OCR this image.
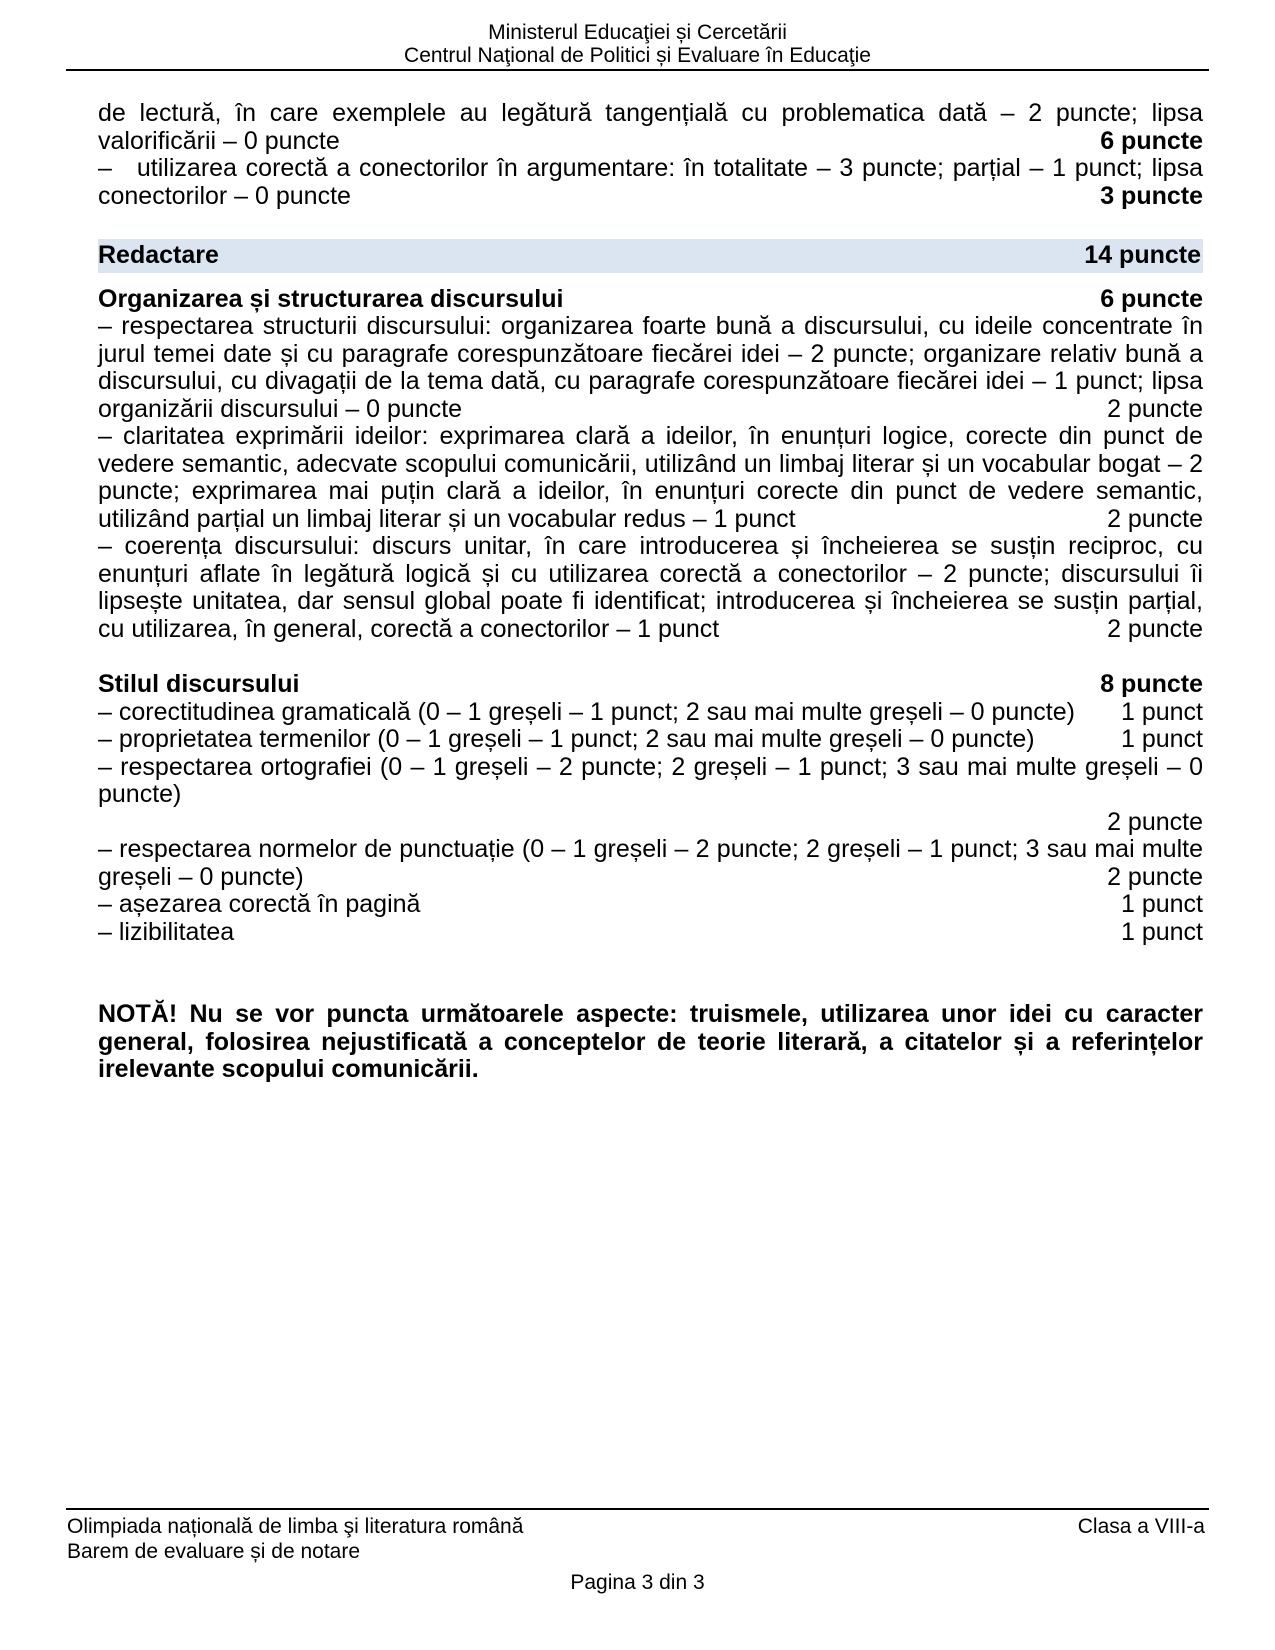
Ministerul Educaţiei și Cercetării
Centrul Naţional de Politici și Evaluare în Educaţie
de lectură, în care exemplele au legătură tangențială cu problematica dată – 2 puncte; lipsa valorificării – 0 puncte	6 puncte
– utilizarea corectă a conectorilor în argumentare: în totalitate – 3 puncte; parțial – 1 punct; lipsa conectorilor – 0 puncte	3 puncte
Redactare	14 puncte
Organizarea și structurarea discursului	6 puncte
– respectarea structurii discursului: organizarea foarte bună a discursului, cu ideile concentrate în jurul temei date și cu paragrafe corespunzătoare fiecărei idei – 2 puncte; organizare relativ bună a discursului, cu divagații de la tema dată, cu paragrafe corespunzătoare fiecărei idei – 1 punct; lipsa organizării discursului – 0 puncte	2 puncte
– claritatea exprimării ideilor: exprimarea clară a ideilor, în enunțuri logice, corecte din punct de vedere semantic, adecvate scopului comunicării, utilizând un limbaj literar și un vocabular bogat – 2 puncte; exprimarea mai puțin clară a ideilor, în enunțuri corecte din punct de vedere semantic, utilizând parțial un limbaj literar și un vocabular redus – 1 punct	2 puncte
– coerența discursului: discurs unitar, în care introducerea și încheierea se susțin reciproc, cu enunțuri aflate în legătură logică și cu utilizarea corectă a conectorilor – 2 puncte; discursului îi lipsește unitatea, dar sensul global poate fi identificat; introducerea și încheierea se susțin parțial, cu utilizarea, în general, corectă a conectorilor – 1 punct	2 puncte
Stilul discursului	8 puncte
– corectitudinea gramaticală (0 – 1 greșeli – 1 punct; 2 sau mai multe greșeli – 0 puncte)	1 punct
– proprietatea termenilor (0 – 1 greșeli – 1 punct; 2 sau mai multe greșeli – 0 puncte)	1 punct
– respectarea ortografiei (0 – 1 greșeli – 2 puncte; 2 greșeli – 1 punct; 3 sau mai multe greșeli – 0 puncte)
2 puncte
– respectarea normelor de punctuație (0 – 1 greșeli – 2 puncte; 2 greșeli – 1 punct; 3 sau mai multe greșeli – 0 puncte)	2 puncte
– așezarea corectă în pagină	1 punct
– lizibilitatea	1 punct
NOTĂ! Nu se vor puncta următoarele aspecte: truismele, utilizarea unor idei cu caracter general, folosirea nejustificată a conceptelor de teorie literară, a citatelor și a referințelor irelevante scopului comunicării.
Olimpiada națională de limba şi literatura română
Barem de evaluare și de notare
Clasa a VIII-a
Pagina 3 din 3
